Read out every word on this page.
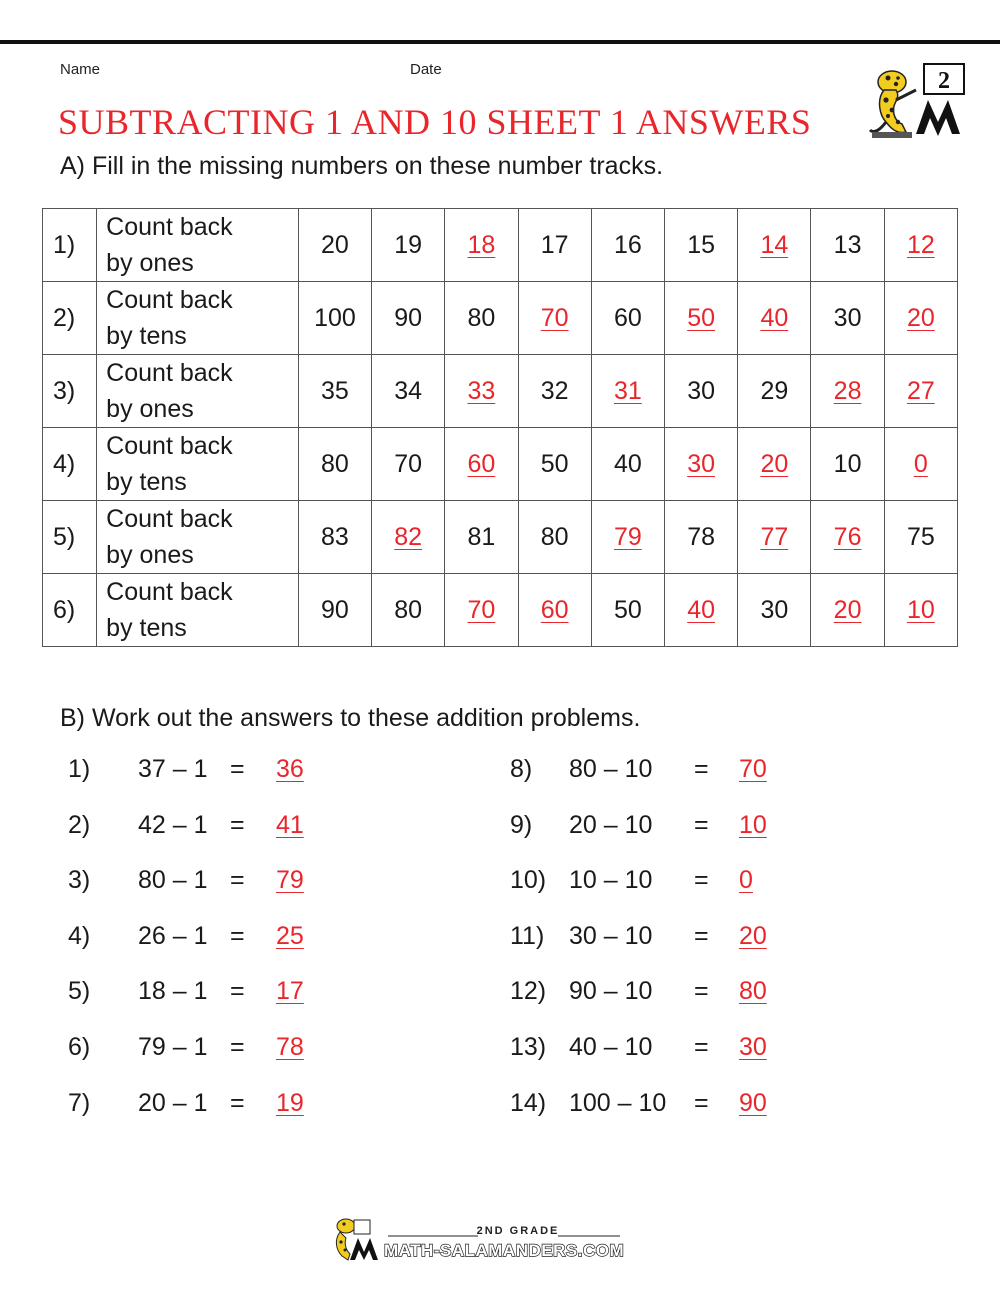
Name	Date
SUBTRACTING 1 AND 10 SHEET 1 ANSWERS
2
A) Fill in the missing numbers on these number tracks.
1)	Count back
by ones	20	19	18	17	16	15	14	13	12
2)	Count back
by tens	100	90	80	70	60	50	40	30	20
3)	Count back
by ones	35	34	33	32	31	30	29	28	27
4)	Count back
by tens	80	70	60	50	40	30	20	10	0
5)	Count back
by ones	83	82	81	80	79	78	77	76	75
6)	Count back
by tens	90	80	70	60	50	40	30	20	10
B) Work out the answers to these addition problems.
1) 37 – 1 = 36
2) 42 – 1 = 41
3) 80 – 1 = 79
4) 26 – 1 = 25
5) 18 – 1 = 17
6) 79 – 1 = 78
7) 20 – 1 = 19
8) 80 – 10 = 70
9) 20 – 10 = 10
10) 10 – 10 = 0
11) 30 – 10 = 20
12) 90 – 10 = 80
13) 40 – 10 = 30
14) 100 – 10 = 90
2ND GRADE
MATH-SALAMANDERS.COM
